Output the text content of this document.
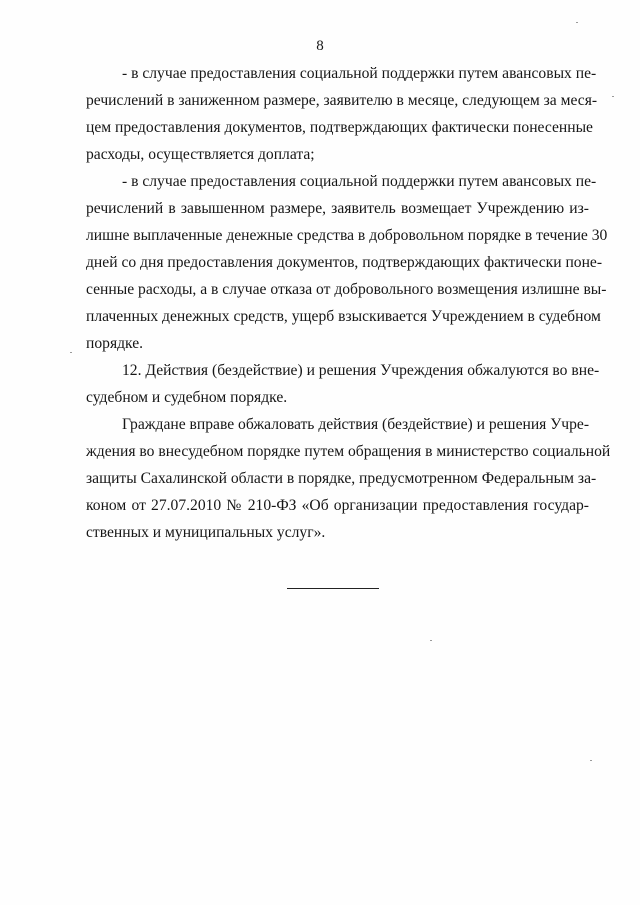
8
- в случае предоставления социальной поддержки путем авансовых пе-
речислений в заниженном размере, заявителю в месяце, следующем за меся-
цем предоставления документов, подтверждающих фактически понесенные
расходы, осуществляется доплата;
- в случае предоставления социальной поддержки путем авансовых пе-
речислений в завышенном размере, заявитель возмещает Учреждению из-
лишне выплаченные денежные средства в добровольном порядке в течение 30
дней со дня предоставления документов, подтверждающих фактически поне-
сенные расходы, а в случае отказа от добровольного возмещения излишне вы-
плаченных денежных средств, ущерб взыскивается Учреждением в судебном
порядке.
12. Действия (бездействие) и решения Учреждения обжалуются во вне-
судебном и судебном порядке.
Граждане вправе обжаловать действия (бездействие) и решения Учре-
ждения во внесудебном порядке путем обращения в министерство социальной
защиты Сахалинской области в порядке, предусмотренном Федеральным за-
коном от 27.07.2010 № 210-ФЗ «Об организации предоставления государ-
ственных и муниципальных услуг».
